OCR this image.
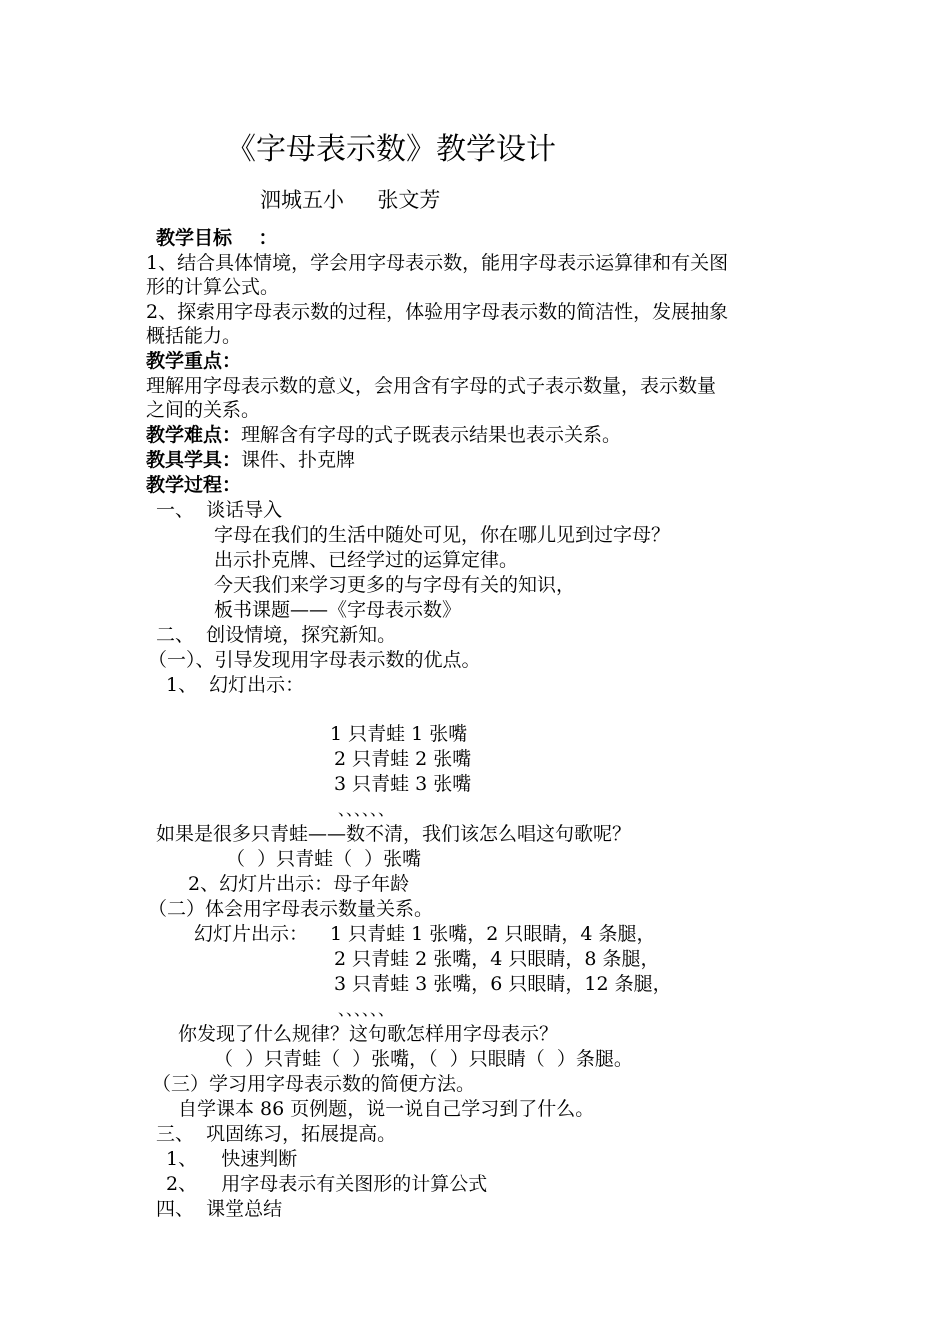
《字母表示数》教学设计
泗城五小     张文芳
教学目标    ：
1、结合具体情境，学会用字母表示数，能用字母表示运算律和有关图
形的计算公式。
2、探索用字母表示数的过程，体验用字母表示数的简洁性，发展抽象
概括能力。
教学重点：
理解用字母表示数的意义，会用含有字母的式子表示数量，表示数量
之间的关系。
教学难点：理解含有字母的式子既表示结果也表示关系。
教具学具：课件、扑克牌
教学过程：
一、  谈话导入
字母在我们的生活中随处可见，你在哪儿见到过字母？
出示扑克牌、已经学过的运算定律。
今天我们来学习更多的与字母有关的知识，
板书课题——《字母表示数》
二、  创设情境，探究新知。
（一）、引导发现用字母表示数的优点。
1、  幻灯出示：
1 只青蛙 1 张嘴
2 只青蛙 2 张嘴
3 只青蛙 3 张嘴
、、、、、、
如果是很多只青蛙——数不清，我们该怎么唱这句歌呢？
（  ）只青蛙（  ）张嘴
2、幻灯片出示：母子年龄
（二）体会用字母表示数量关系。
幻灯片出示： 1 只青蛙 1 张嘴，2 只眼睛，4 条腿，
2 只青蛙 2 张嘴，4 只眼睛，8 条腿，
3 只青蛙 3 张嘴，6 只眼睛，12 条腿，
、、、、、、
你发现了什么规律？这句歌怎样用字母表示？
（  ）只青蛙（  ）张嘴，（  ）只眼睛（  ）条腿。
（三）学习用字母表示数的简便方法。
自学课本 86 页例题，说一说自己学习到了什么。
三、  巩固练习，拓展提高。
1、    快速判断
2、    用字母表示有关图形的计算公式
四、  课堂总结
